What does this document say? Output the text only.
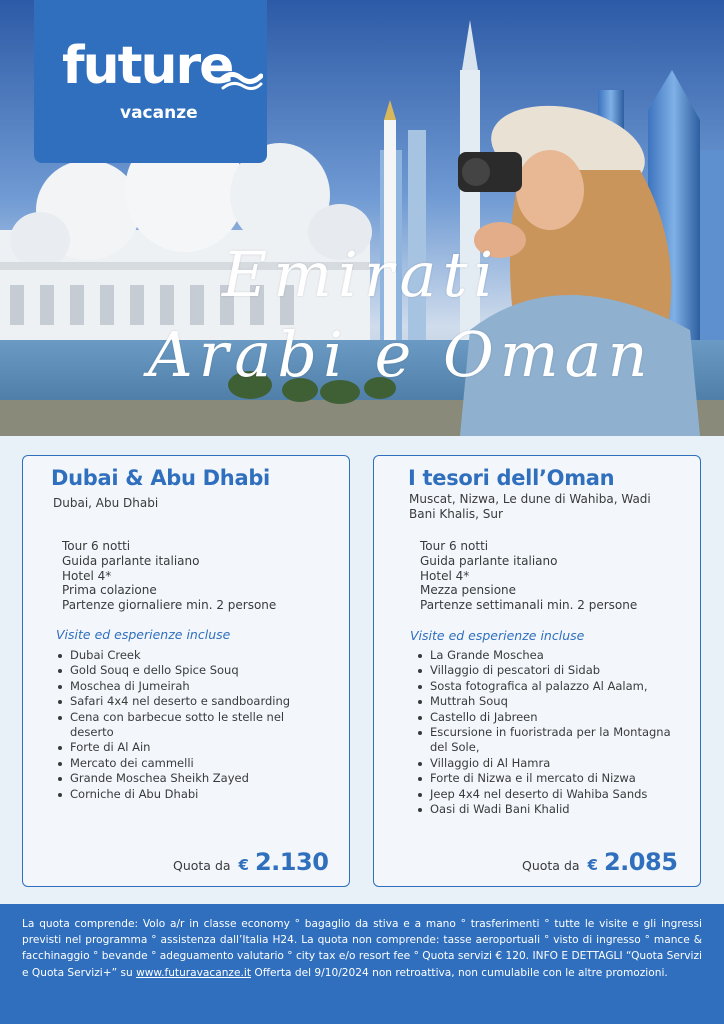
future
vacanze
Emirati
Arabi e Oman
Dubai & Abu Dhabi
Dubai, Abu Dhabi
Tour 6 notti
Guida parlante italiano
Hotel 4*
Prima colazione
Partenze giornaliere min. 2 persone
Visite ed esperienze incluse
Dubai Creek
Gold Souq e dello Spice Souq
Moschea di Jumeirah
Safari 4x4 nel deserto e sandboarding
Cena con barbecue sotto le stelle nel deserto
Forte di Al Ain
Mercato dei cammelli
Grande Moschea Sheikh Zayed
Corniche di Abu Dhabi
Quota da € 2.130
I tesori dell’Oman
Muscat, Nizwa, Le dune di Wahiba, Wadi Bani Khalis, Sur
Tour 6 notti
Guida parlante italiano
Hotel 4*
Mezza pensione
Partenze settimanali min. 2 persone
Visite ed esperienze incluse
La Grande Moschea
Villaggio di pescatori di Sidab
Sosta fotografica al palazzo Al Aalam,
Muttrah Souq
Castello di Jabreen
Escursione in fuoristrada per la Montagna del Sole,
Villaggio di Al Hamra
Forte di Nizwa e il mercato di Nizwa
Jeep 4x4 nel deserto di Wahiba Sands
Oasi di Wadi Bani Khalid
Quota da € 2.085

La quota comprende: Volo a/r in classe economy ° bagaglio da stiva e a mano ° trasferimenti ° tutte le visite e gli ingressi previsti nel programma ° assistenza dall’Italia H24. La quota non comprende: tasse aeroportuali ° visto di ingresso ° mance & facchinaggio ° bevande ° adeguamento valutario ° city tax e/o resort fee ° Quota servizi € 120. INFO E DETTAGLI “Quota Servizi e Quota Servizi+” su www.futuravacanze.it Offerta del 9/10/2024 non retroattiva, non cumulabile con le altre promozioni.
